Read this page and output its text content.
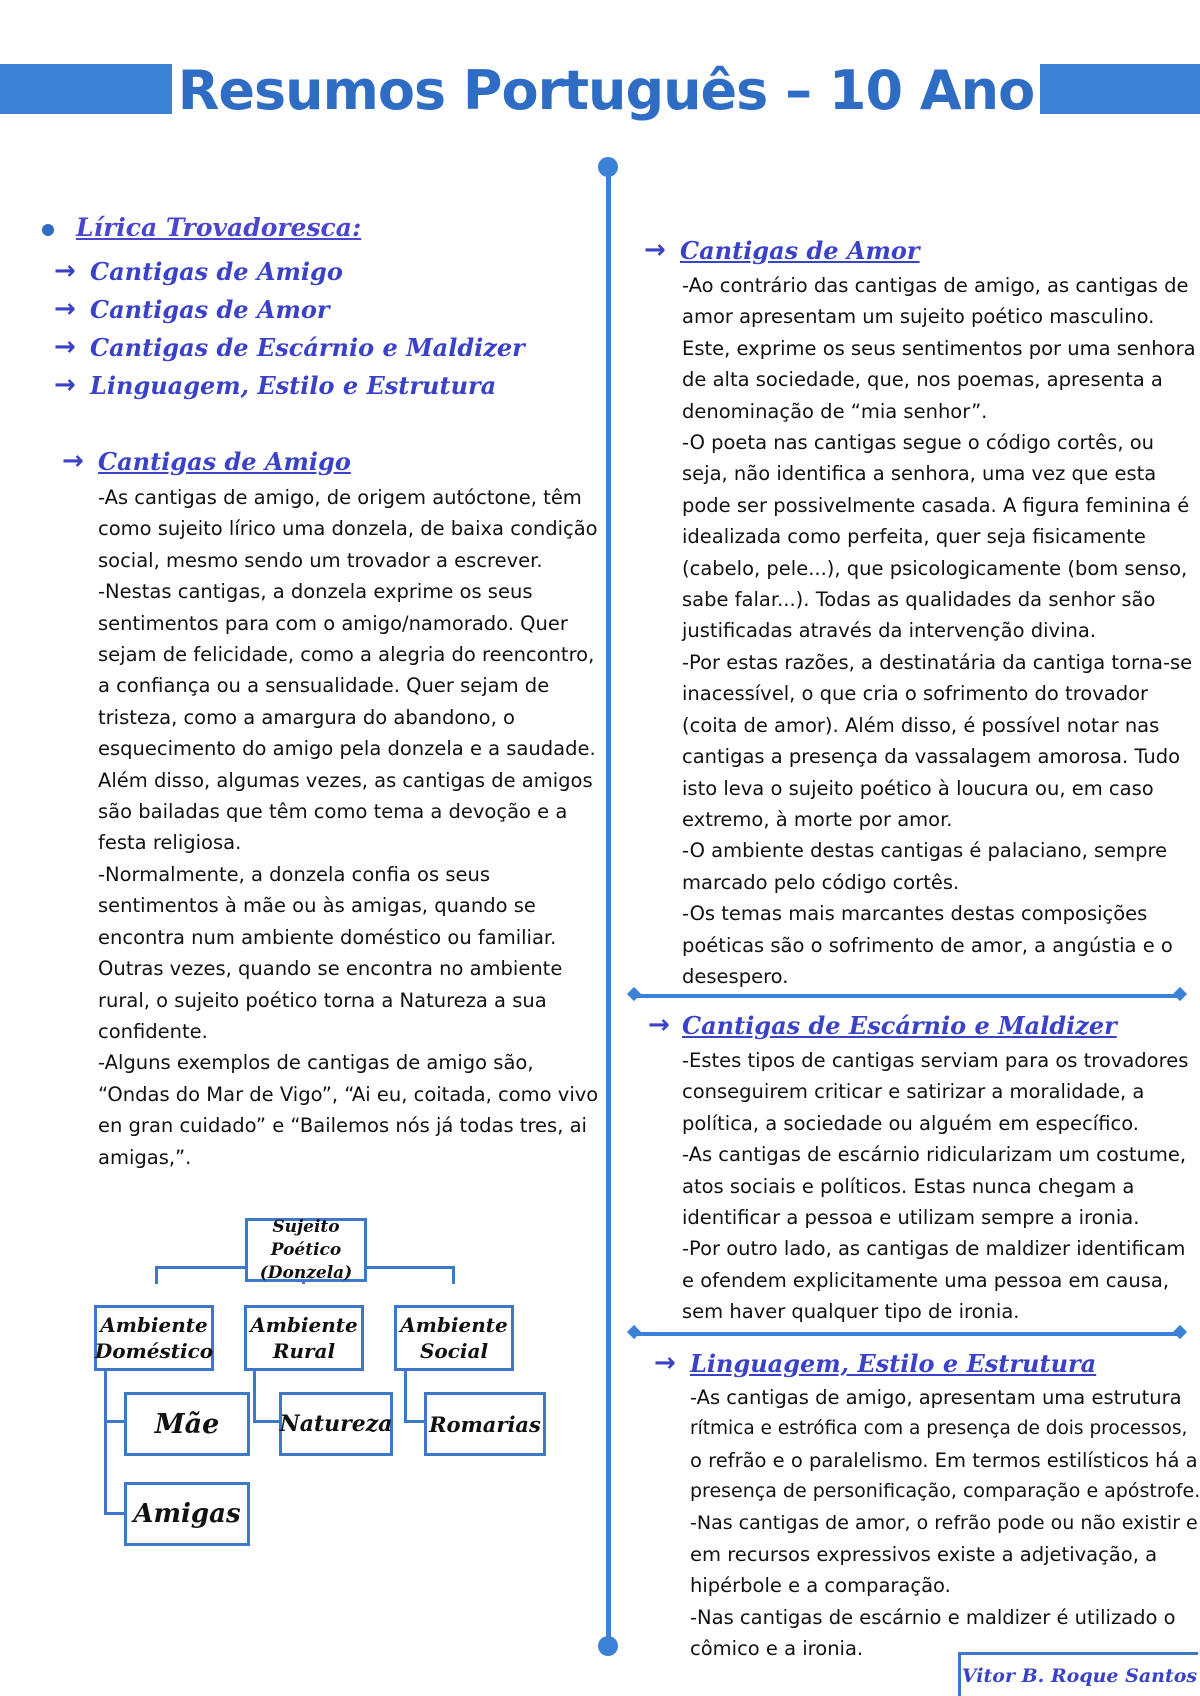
Resumos Português – 10 Ano
Lírica Trovadoresca:
→ Cantigas de Amigo
→ Cantigas de Amor
→ Cantigas de Escárnio e Maldizer
→ Linguagem, Estilo e Estrutura
→ Cantigas de Amigo

-As cantigas de amigo, de origem autóctone, têm

como sujeito lírico uma donzela, de baixa condição

social, mesmo sendo um trovador a escrever.

-Nestas cantigas, a donzela exprime os seus

sentimentos para com o amigo/namorado. Quer

sejam de felicidade, como a alegria do reencontro,

a confiança ou a sensualidade. Quer sejam de

tristeza, como a amargura do abandono, o

esquecimento do amigo pela donzela e a saudade.

Além disso, algumas vezes, as cantigas de amigos

são bailadas que têm como tema a devoção e a

festa religiosa.

-Normalmente, a donzela confia os seus

sentimentos à mãe ou às amigas, quando se

encontra num ambiente doméstico ou familiar.

Outras vezes, quando se encontra no ambiente

rural, o sujeito poético torna a Natureza a sua

confidente.

-Alguns exemplos de cantigas de amigo são,

“Ondas do Mar de Vigo”, “Ai eu, coitada, como vivo

en gran cuidado” e “Bailemos nós já todas tres, ai

amigas,”.

Sujeito Poético (Donzela)
Ambiente Doméstico
Ambiente Rural
Ambiente Social
Mãe	Natureza Romarias
Amigas
→ Cantigas de Amor

-Ao contrário das cantigas de amigo, as cantigas de

amor apresentam um sujeito poético masculino.

Este, exprime os seus sentimentos por uma senhora

de alta sociedade, que, nos poemas, apresenta a

denominação de “mia senhor”.

-O poeta nas cantigas segue o código cortês, ou

seja, não identifica a senhora, uma vez que esta

pode ser possivelmente casada. A figura feminina é

idealizada como perfeita, quer seja fisicamente

(cabelo, pele...), que psicologicamente (bom senso,

sabe falar...). Todas as qualidades da senhor são

justificadas através da intervenção divina.

-Por estas razões, a destinatária da cantiga torna-se

inacessível, o que cria o sofrimento do trovador

(coita de amor). Além disso, é possível notar nas

cantigas a presença da vassalagem amorosa. Tudo

isto leva o sujeito poético à loucura ou, em caso

extremo, à morte por amor.

-O ambiente destas cantigas é palaciano, sempre

marcado pelo código cortês.

-Os temas mais marcantes destas composições

poéticas são o sofrimento de amor, a angústia e o

desespero.

→ Cantigas de Escárnio e Maldizer

-Estes tipos de cantigas serviam para os trovadores

conseguirem criticar e satirizar a moralidade, a

política, a sociedade ou alguém em específico.

-As cantigas de escárnio ridicularizam um costume,

atos sociais e políticos. Estas nunca chegam a

identificar a pessoa e utilizam sempre a ironia.

-Por outro lado, as cantigas de maldizer identificam

e ofendem explicitamente uma pessoa em causa,

sem haver qualquer tipo de ironia.

→ Linguagem, Estilo e Estrutura

-As cantigas de amigo, apresentam uma estrutura

rítmica e estrófica com a presença de dois processos,

o refrão e o paralelismo. Em termos estilísticos há a

presença de personificação, comparação e apóstrofe.

-Nas cantigas de amor, o refrão pode ou não existir e

em recursos expressivos existe a adjetivação, a

hipérbole e a comparação.

-Nas cantigas de escárnio e maldizer é utilizado o

cômico e a ironia.

Vitor B. Roque Santos
